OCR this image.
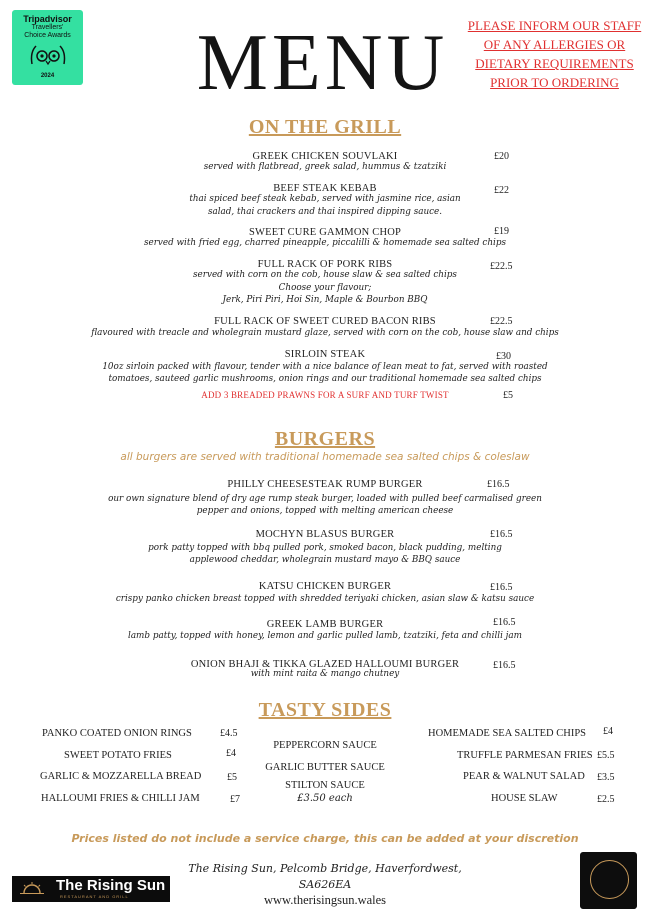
Tripadvisor
Travellers'
Choice Awards
2024	MENU	PLEASE INFORM OUR STAFF
OF ANY ALLERGIES OR
DIETARY REQUIREMENTS
PRIOR TO ORDERING
ON THE GRILL
GREEK CHICKEN SOUVLAKI	£20
served with flatbread, greek salad, hummus & tzatziki
BEEF STEAK KEBAB	£22
thai spiced beef steak kebab, served with jasmine rice, asian
salad, thai crackers and thai inspired dipping sauce.
SWEET CURE GAMMON CHOP	£19
served with fried egg, charred pineapple, piccalilli & homemade sea salted chips
FULL RACK OF PORK RIBS	£22.5
served with corn on the cob, house slaw & sea salted chips
Choose your flavour;
Jerk, Piri Piri, Hoi Sin, Maple & Bourbon BBQ
FULL RACK OF SWEET CURED BACON RIBS	£22.5
flavoured with treacle and wholegrain mustard glaze, served with corn on the cob, house slaw and chips
SIRLOIN STEAK	£30
10oz sirloin packed with flavour, tender with a nice balance of lean meat to fat, served with roasted
tomatoes, sauteed garlic mushrooms, onion rings and our traditional homemade sea salted chips
ADD 3 BREADED PRAWNS FOR A SURF AND TURF TWIST	£5
BURGERS
all burgers are served with traditional homemade sea salted chips & coleslaw
PHILLY CHEESESTEAK RUMP BURGER	£16.5
our own signature blend of dry age rump steak burger, loaded with pulled beef carmalised green
pepper and onions, topped with melting american cheese
MOCHYN BLASUS BURGER	£16.5
pork patty topped with bbq pulled pork, smoked bacon, black pudding, melting
applewood cheddar, wholegrain mustard mayo & BBQ sauce
KATSU CHICKEN BURGER	£16.5
crispy panko chicken breast topped with shredded teriyaki chicken, asian slaw & katsu sauce
GREEK LAMB BURGER	£16.5
lamb patty, topped with honey, lemon and garlic pulled lamb, tzatziki, feta and chilli jam
ONION BHAJI & TIKKA GLAZED HALLOUMI BURGER	£16.5
with mint raita & mango chutney
TASTY SIDES
PANKO COATED ONION RINGS	£4.5
SWEET POTATO FRIES	£4
GARLIC & MOZZARELLA BREAD	£5
HALLOUMI FRIES & CHILLI JAM	£7
PEPPERCORN SAUCE
GARLIC BUTTER SAUCE
STILTON SAUCE
£3.50 each
HOMEMADE SEA SALTED CHIPS £4
TRUFFLE PARMESAN FRIES £5.5
PEAR & WALNUT SALAD £3.5
HOUSE SLAW	£2.5
Prices listed do not include a service charge, this can be added at your discretion
The Rising Sun, Pelcomb Bridge, Haverfordwest,
SA626EA
www.therisingsun.wales
The Rising Sun
RESTAURANT AND GRILL
